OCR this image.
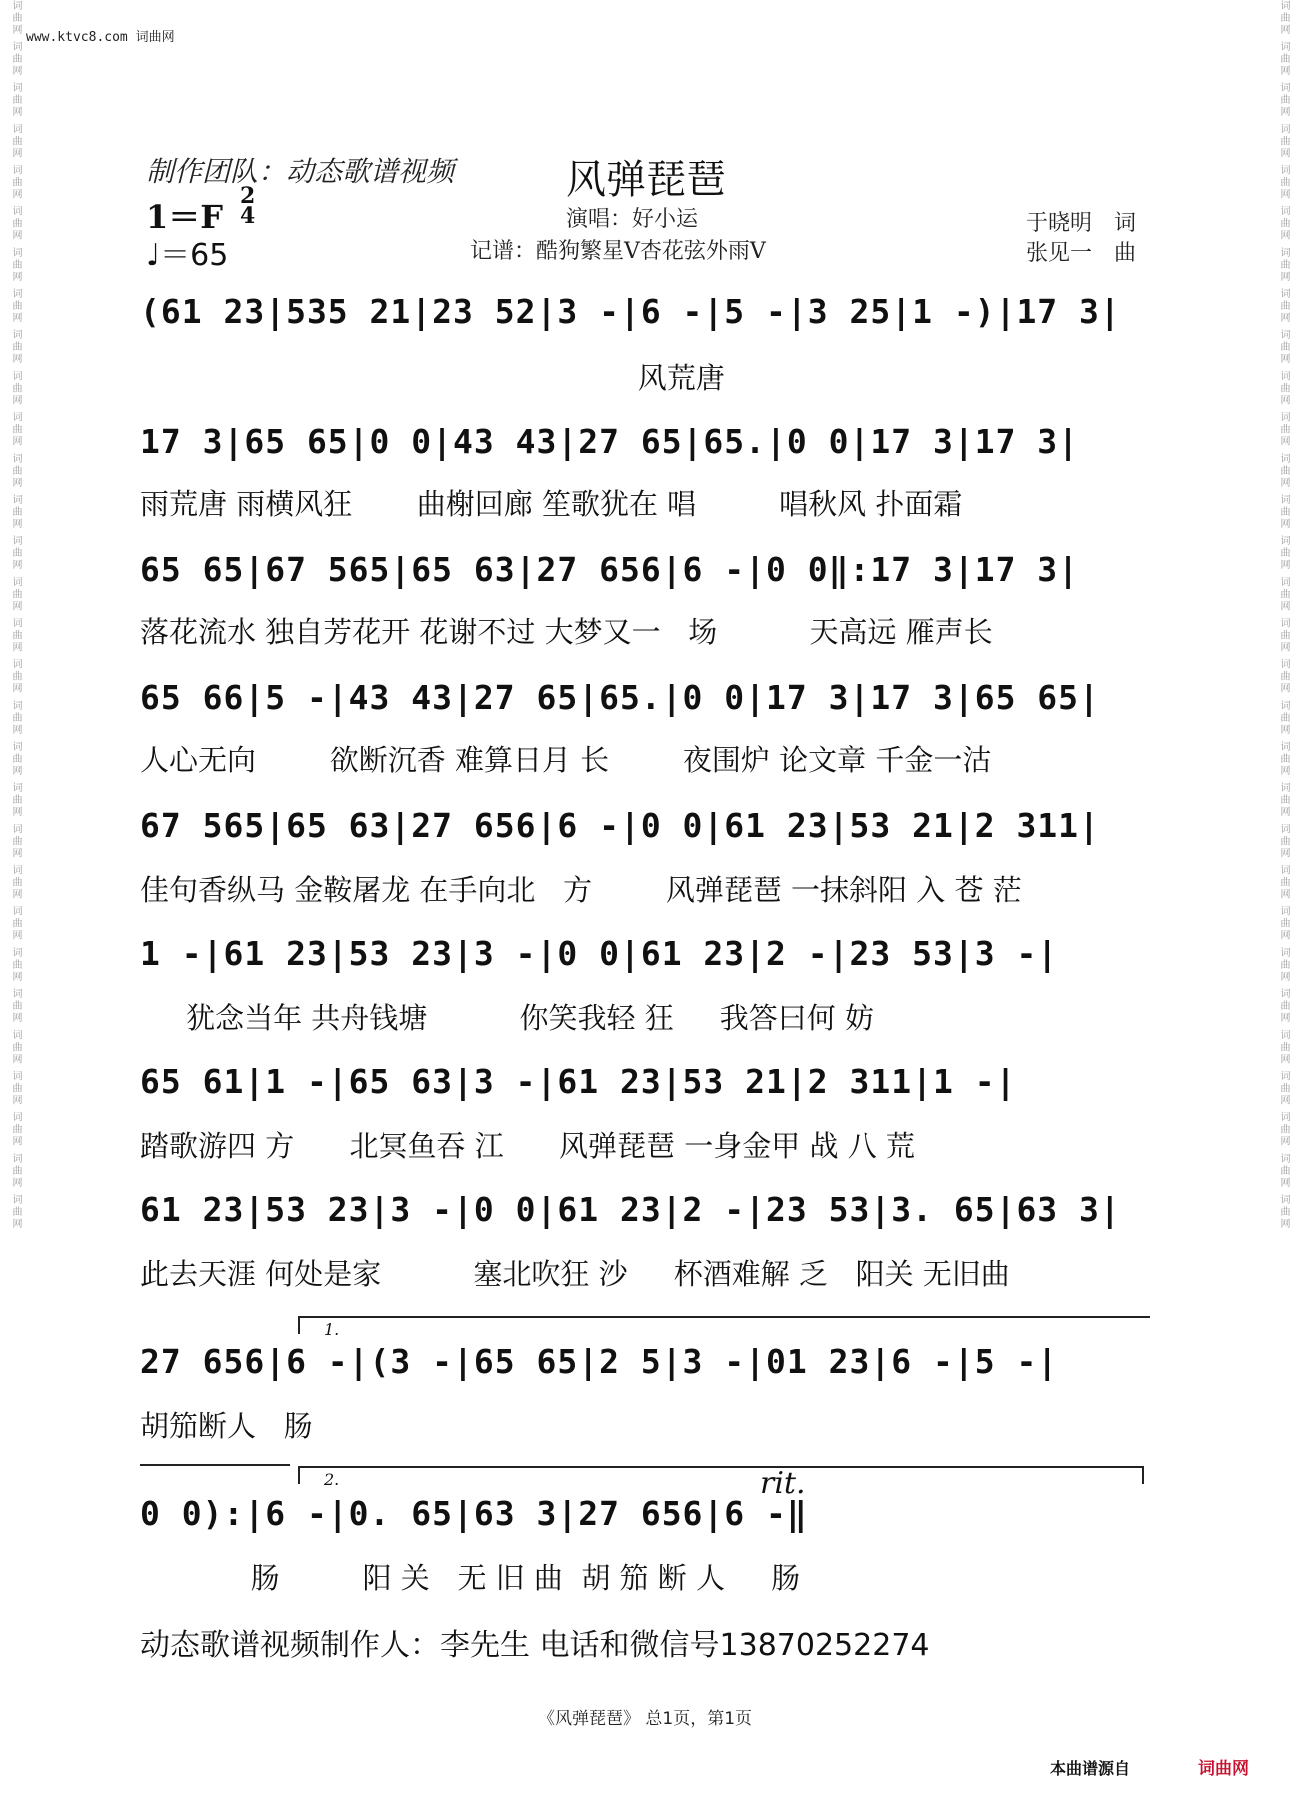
www.ktvc8.com 词曲网
词曲网 词曲网 词曲网 词曲网 词曲网 词曲网 词曲网 词曲网 词曲网 词曲网 词曲网 词曲网 词曲网 词曲网 词曲网 词曲网 词曲网 词曲网 词曲网 词曲网 词曲网 词曲网 词曲网 词曲网 词曲网 词曲网 词曲网 词曲网 词曲网 词曲网	词曲网 词曲网 词曲网 词曲网 词曲网 词曲网 词曲网 词曲网 词曲网 词曲网 词曲网 词曲网 词曲网 词曲网 词曲网 词曲网 词曲网 词曲网 词曲网 词曲网 词曲网 词曲网 词曲网 词曲网 词曲网 词曲网 词曲网 词曲网 词曲网 词曲网
制作团队：动态歌谱视频	风弹琵琶
演唱：好小运
记谱：酷狗繁星V杏花弦外雨V
于晓明　词
张见一　曲
1＝F
2
4
♩＝65
(61 23|535 21|23 52|3 -|6 -|5 -|3 25|1 -)|17 3|
风荒唐
17 3|65 65|0 0|43 43|27 65|65.|0 0|17 3|17 3|
雨荒唐 雨横风狂       曲榭回廊 笙歌犹在 唱         唱秋风 扑面霜
65 65|67 565|65 63|27 656|6 -|0 0‖:17 3|17 3|
落花流水 独自芳花开 花谢不过 大梦又一   场          天高远 雁声长
65 66|5 -|43 43|27 65|65.|0 0|17 3|17 3|65 65|
人心无向        欲断沉香 难算日月 长        夜围炉 论文章 千金一沽
67 565|65 63|27 656|6 -|0 0|61 23|53 21|2 311|
佳句香纵马 金鞍屠龙 在手向北   方        风弹琵琶 一抹斜阳 入 苍 茫
1 -|61 23|53 23|3 -|0 0|61 23|2 -|23 53|3 -|
犹念当年 共舟钱塘          你笑我轻 狂     我答曰何 妨
65 61|1 -|65 63|3 -|61 23|53 21|2 311|1 -|
踏歌游四 方      北冥鱼吞 江      风弹琵琶 一身金甲 战 八 荒
61 23|53 23|3 -|0 0|61 23|2 -|23 53|3. 65|63 3|
此去天涯 何处是家          塞北吹狂 沙     杯酒难解 乏   阳关 无旧曲
1.
27 656|6 -|(3 -|65 65|2 5|3 -|01 23|6 -|5 -|
胡笳断人   肠
2.	rit.
0 0):|6 -|0. 65|63 3|27 656|6 -‖
肠         阳 关   无 旧 曲  胡 笳 断 人     肠
动态歌谱视频制作人：李先生 电话和微信号13870252274
《风弹琵琶》 总1页，第1页
本曲谱源自	词曲网
